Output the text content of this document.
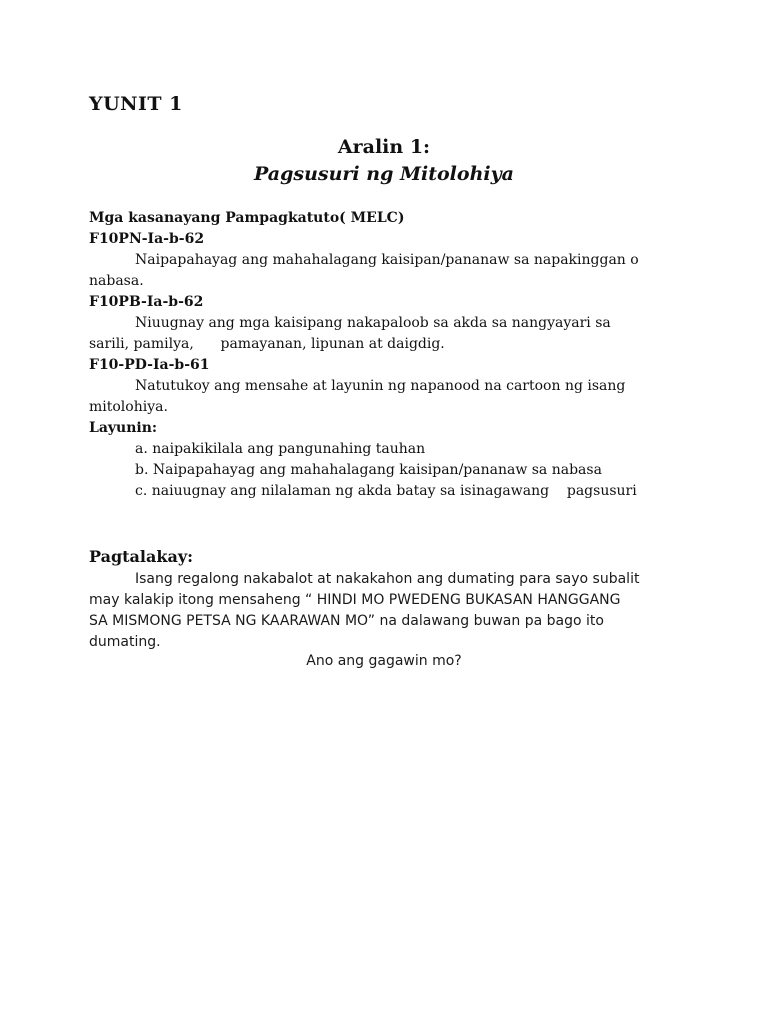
YUNIT 1
Aralin 1:
Pagsusuri ng Mitolohiya
Mga kasanayang Pampagkatuto( MELC)
F10PN-Ia-b-62
Naipapahayag ang mahahalagang kaisipan/pananaw sa napakinggan o
nabasa.
F10PB-Ia-b-62
Niuugnay ang mga kaisipang nakapaloob sa akda sa nangyayari sa
sarili, pamilya,      pamayanan, lipunan at daigdig.
F10-PD-Ia-b-61
Natutukoy ang mensahe at layunin ng napanood na cartoon ng isang
mitolohiya.
Layunin:
a. naipakikilala ang pangunahing tauhan
b. Naipapahayag ang mahahalagang kaisipan/pananaw sa nabasa
c. naiuugnay ang nilalaman ng akda batay sa isinagawang    pagsusuri
Pagtalakay:
Isang regalong nakabalot at nakakahon ang dumating para sayo subalit
may kalakip itong mensaheng “ HINDI MO PWEDENG BUKASAN HANGGANG
SA MISMONG PETSA NG KAARAWAN MO” na dalawang buwan pa bago ito
dumating.
Ano ang gagawin mo?
